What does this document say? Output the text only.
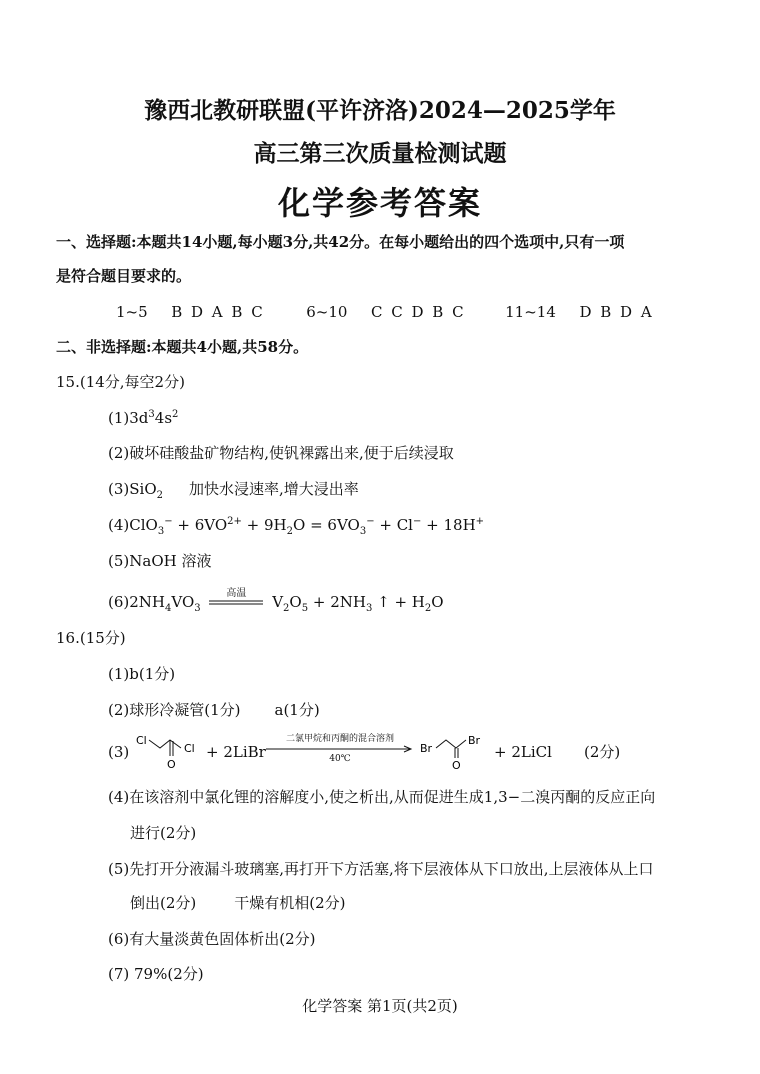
豫西北教研联盟(平许济洛)2024—2025学年
高三第三次质量检测试题
化学参考答案
一、选择题:本题共14小题,每小题3分,共42分。在每小题给出的四个选项中,只有一项
是符合题目要求的。
1~5 B D A B C	6~10 C C D B C	11~14 D B D A
二、非选择题:本题共4小题,共58分。
15.(14分,每空2分)
$(1)3d^34s^2$
(2)破坏硅酸盐矿物结构,使钒裸露出来,便于后续浸取
(3)SiO$_2$ 加快水浸速率,增大浸出率
$(4)ClO_3^- + 6VO^{2+} + 9H_2O = 6VO_3^- + Cl^- + 18H^+$
(5)NaOH 溶液
$(6)2NH_4VO_3$
高温	$V_2O_5 + 2NH_3$ ↑ + $H_2O$
16.(15分)
(1)b(1分)
(2)球形冷凝管(1分) a(1分)
(3)
Cl
O
Cl + 2LiBr
二氯甲烷和丙酮的混合溶剂
40℃
Br
O
Br
+ 2LiCl (2分)
(4)在该溶剂中氯化锂的溶解度小,使之析出,从而促进生成1,3−二溴丙酮的反应正向
进行(2分)
(5)先打开分液漏斗玻璃塞,再打开下方活塞,将下层液体从下口放出,上层液体从上口
倒出(2分)	干燥有机相(2分)
(6)有大量淡黄色固体析出(2分)
(7) 79%(2分)
化学答案 第1页(共2页)
